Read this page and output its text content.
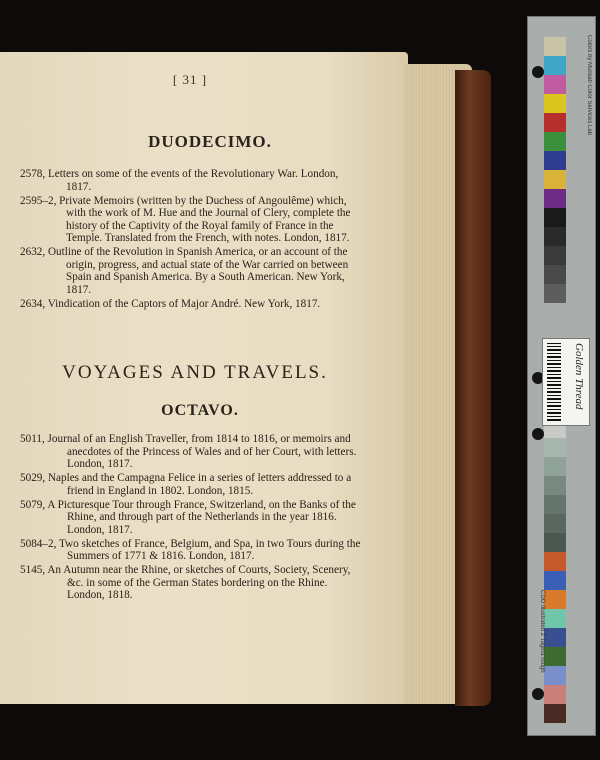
[ 31 ]
DUODECIMO.
2578, Letters on some of the events of the Revolutionary War. London, 1817.
2595–2, Private Memoirs (written by the Duchess of Angoulême) which, with the work of M. Hue and the Journal of Clery, complete the history of the Captivity of the Royal family of France in the Temple. Translated from the French, with notes. London, 1817.
2632, Outline of the Revolution in Spanish America, or an account of the origin, progress, and actual state of the War carried on between Spain and Spanish America. By a South American. New York, 1817.
2634, Vindication of the Captors of Major André. New York, 1817.
VOYAGES AND TRAVELS.
OCTAVO.
5011, Journal of an English Traveller, from 1814 to 1816, or memoirs and anecdotes of the Princess of Wales and of her Court, with letters. London, 1817.
5029, Naples and the Campagna Felice in a series of letters addressed to a friend in England in 1802. London, 1815.
5079, A Picturesque Tour through France, Switzerland, on the Banks of the Rhine, and through part of the Netherlands in the year 1816. London, 1817.
5084–2, Two sketches of France, Belgium, and Spa, in two Tours during the Summers of 1771 & 1816. London, 1817.
5145, An Autumn near the Rhine, or sketches of Courts, Society, Scenery, &c. in some of the German States bordering on the Rhine. London, 1818.
Colors by Munsell Color Services Lab
Golden Thread
CDO Illustrated 2 Tagma rough
